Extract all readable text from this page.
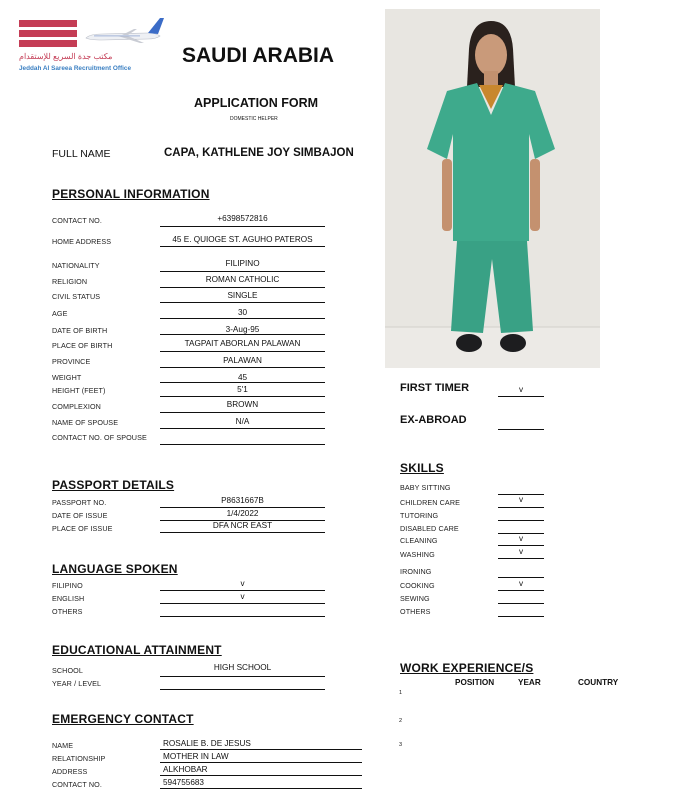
مكتب جدة السريع للإستقدام
Jeddah Al Sareea Recruitment Office
SAUDI ARABIA
APPLICATION FORM
DOMESTIC HELPER
FULL NAME	CAPA, KATHLENE JOY SIMBAJON
PERSONAL INFORMATION
CONTACT NO.	+6398572816
HOME ADDRESS	45 E. QUIOGE ST. AGUHO PATEROS
NATIONALITY	FILIPINO
RELIGION	ROMAN CATHOLIC
CIVIL STATUS	SINGLE
AGE	30
DATE OF BIRTH	3-Aug-95
PLACE OF BIRTH	TAGPAIT ABORLAN PALAWAN
PROVINCE	PALAWAN
WEIGHT	45
HEIGHT (FEET)	5'1
COMPLEXION	BROWN
NAME OF SPOUSE	N/A
CONTACT NO. OF SPOUSE
PASSPORT DETAILS
PASSPORT NO.	P8631667B
DATE OF ISSUE	1/4/2022
PLACE OF ISSUE	DFA NCR EAST
LANGUAGE SPOKEN
FILIPINO	v
ENGLISH	v
OTHERS
EDUCATIONAL ATTAINMENT
SCHOOL	HIGH SCHOOL
YEAR / LEVEL
EMERGENCY CONTACT
NAME	ROSALIE B. DE JESUS
RELATIONSHIP	MOTHER IN LAW
ADDRESS	ALKHOBAR
CONTACT NO.	594755683
FIRST TIMER	v
EX-ABROAD
SKILLS
BABY SITTING
CHILDREN CARE	v
TUTORING
DISABLED CARE
CLEANING	v
WASHING	v
IRONING
COOKING	v
SEWING
OTHERS
WORK EXPERIENCE/S
POSITION	YEAR	COUNTRY
1
2
3
